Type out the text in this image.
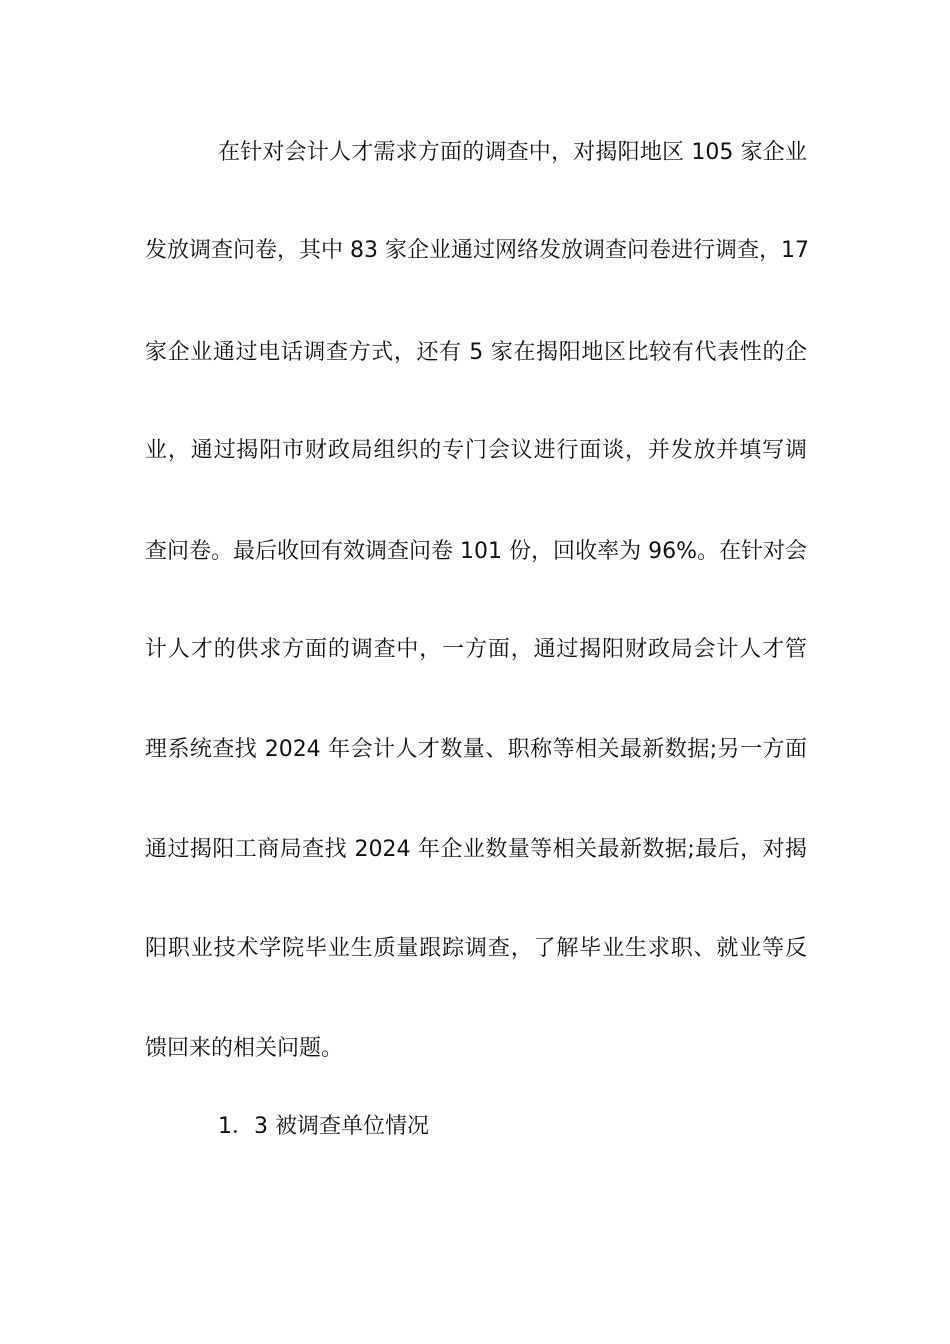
在针对会计人才需求方面的调查中，对揭阳地区 105 家企业
发放调查问卷，其中 83 家企业通过网络发放调查问卷进行调查，17
家企业通过电话调查方式，还有 5 家在揭阳地区比较有代表性的企
业，通过揭阳市财政局组织的专门会议进行面谈，并发放并填写调
查问卷。最后收回有效调查问卷 101 份，回收率为 96%。在针对会
计人才的供求方面的调查中，一方面，通过揭阳财政局会计人才管
理系统查找 2024 年会计人才数量、职称等相关最新数据;另一方面
通过揭阳工商局查找 2024 年企业数量等相关最新数据;最后，对揭
阳职业技术学院毕业生质量跟踪调查，了解毕业生求职、就业等反
馈回来的相关问题。
1．3 被调查单位情况
